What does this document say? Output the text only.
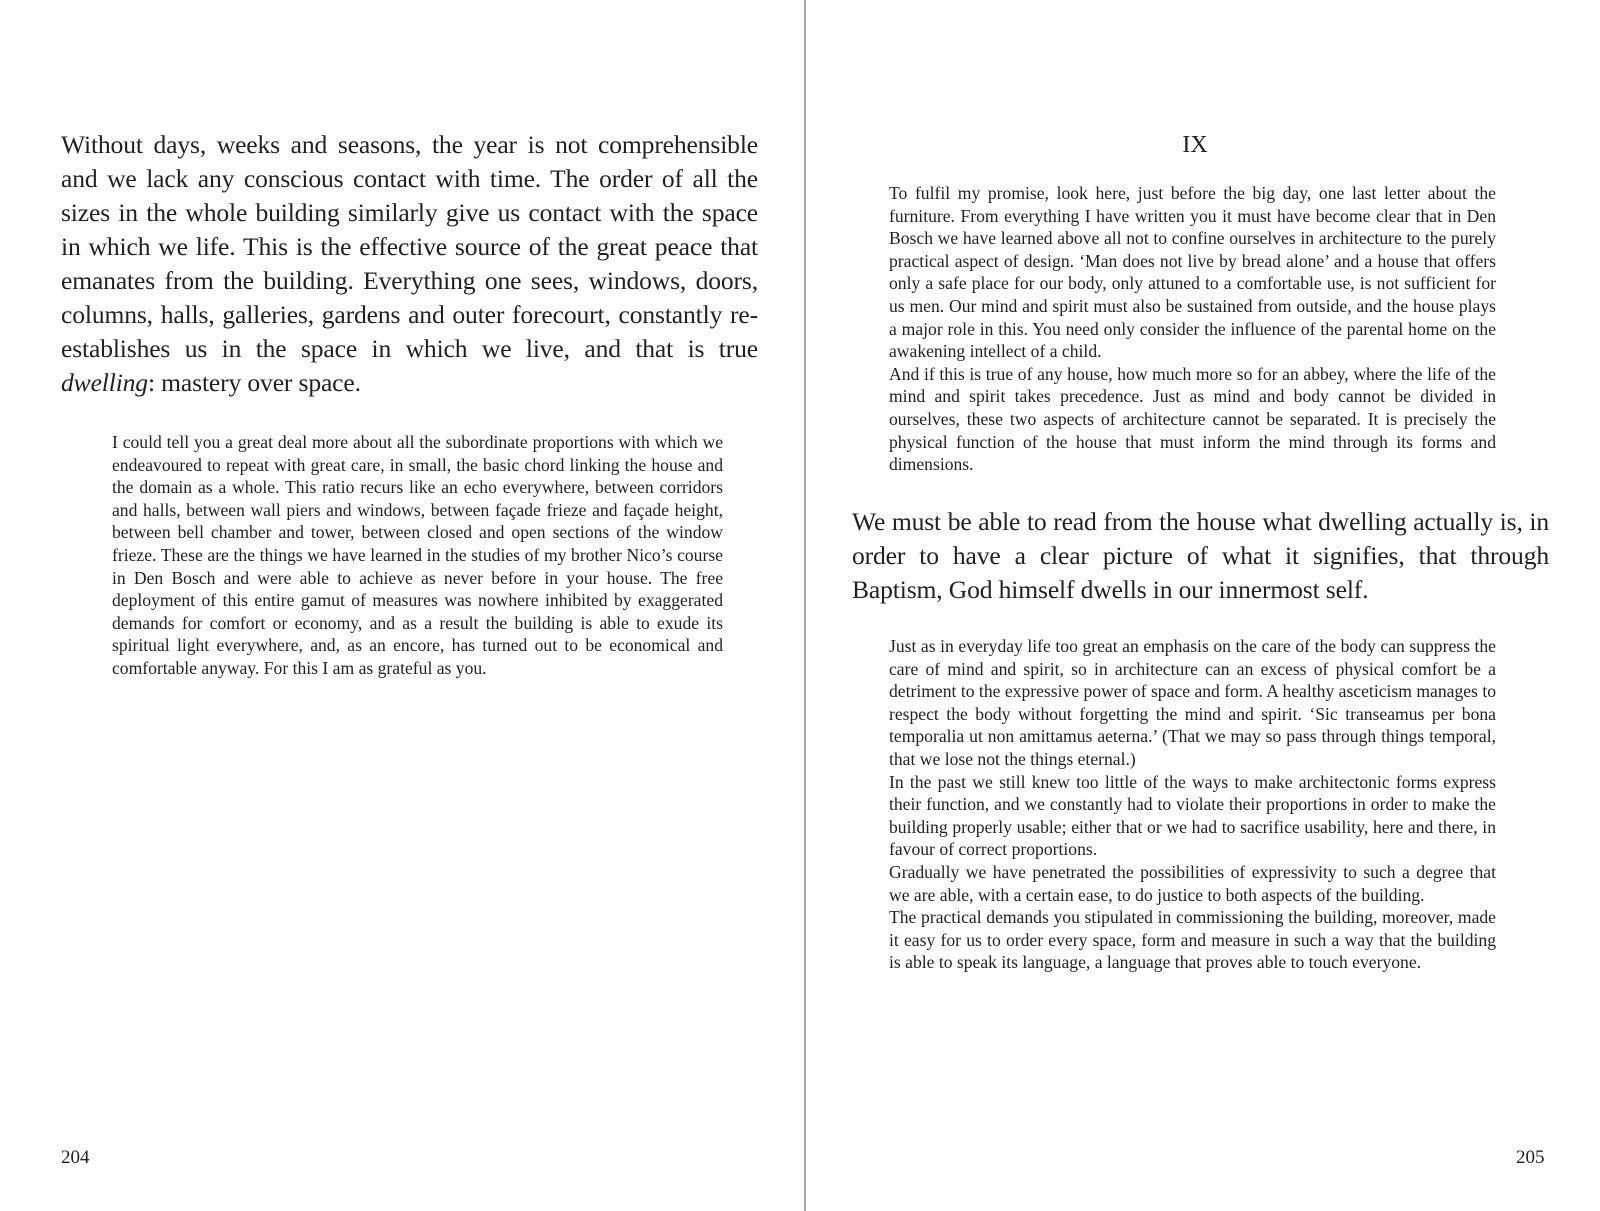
Without days, weeks and seasons, the year is not comprehensible and we lack any conscious contact with time. The order of all the sizes in the whole building similarly give us contact with the space in which we life. This is the effective source of the great peace that emanates from the building. Everything one sees, windows, doors, columns, halls, galleries, gardens and outer forecourt, constantly re-establishes us in the space in which we live, and that is true dwelling: mastery over space.

I could tell you a great deal more about all the subordinate proportions with which we endeavoured to repeat with great care, in small, the basic chord linking the house and the domain as a whole. This ratio recurs like an echo everywhere, between corridors and halls, between wall piers and windows, between façade frieze and façade height, between bell chamber and tower, between closed and open sections of the window frieze. These are the things we have learned in the studies of my brother Nico’s course in Den Bosch and were able to achieve as never before in your house. The free deployment of this entire gamut of measures was nowhere inhibited by exaggerated demands for comfort or economy, and as a result the building is able to exude its spiritual light everywhere, and, as an encore, has turned out to be economical and comfortable anyway. For this I am as grateful as you.

204
IX

To fulfil my promise, look here, just before the big day, one last letter about the furniture. From everything I have written you it must have become clear that in Den Bosch we have learned above all not to confine ourselves in architecture to the purely practical aspect of design. ‘Man does not live by bread alone’ and a house that offers only a safe place for our body, only attuned to a comfortable use, is not sufficient for us men. Our mind and spirit must also be sustained from outside, and the house plays a major role in this. You need only consider the influence of the parental home on the awakening intellect of a child.

And if this is true of any house, how much more so for an abbey, where the life of the mind and spirit takes precedence. Just as mind and body cannot be divided in ourselves, these two aspects of architecture cannot be separated. It is precisely the physical function of the house that must inform the mind through its forms and dimensions.

We must be able to read from the house what dwelling actually is, in order to have a clear picture of what it signifies, that through Baptism, God himself dwells in our innermost self.

Just as in everyday life too great an emphasis on the care of the body can suppress the care of mind and spirit, so in architecture can an excess of physical comfort be a detriment to the expressive power of space and form. A healthy asceticism manages to respect the body without forgetting the mind and spirit. ‘Sic transeamus per bona temporalia ut non amittamus aeterna.’ (That we may so pass through things temporal, that we lose not the things eternal.)

In the past we still knew too little of the ways to make architectonic forms express their function, and we constantly had to violate their proportions in order to make the building properly usable; either that or we had to sacrifice usability, here and there, in favour of correct proportions.

Gradually we have penetrated the possibilities of expressivity to such a degree that we are able, with a certain ease, to do justice to both aspects of the building.

The practical demands you stipulated in commissioning the building, moreover, made it easy for us to order every space, form and measure in such a way that the building is able to speak its language, a language that proves able to touch everyone.

205
